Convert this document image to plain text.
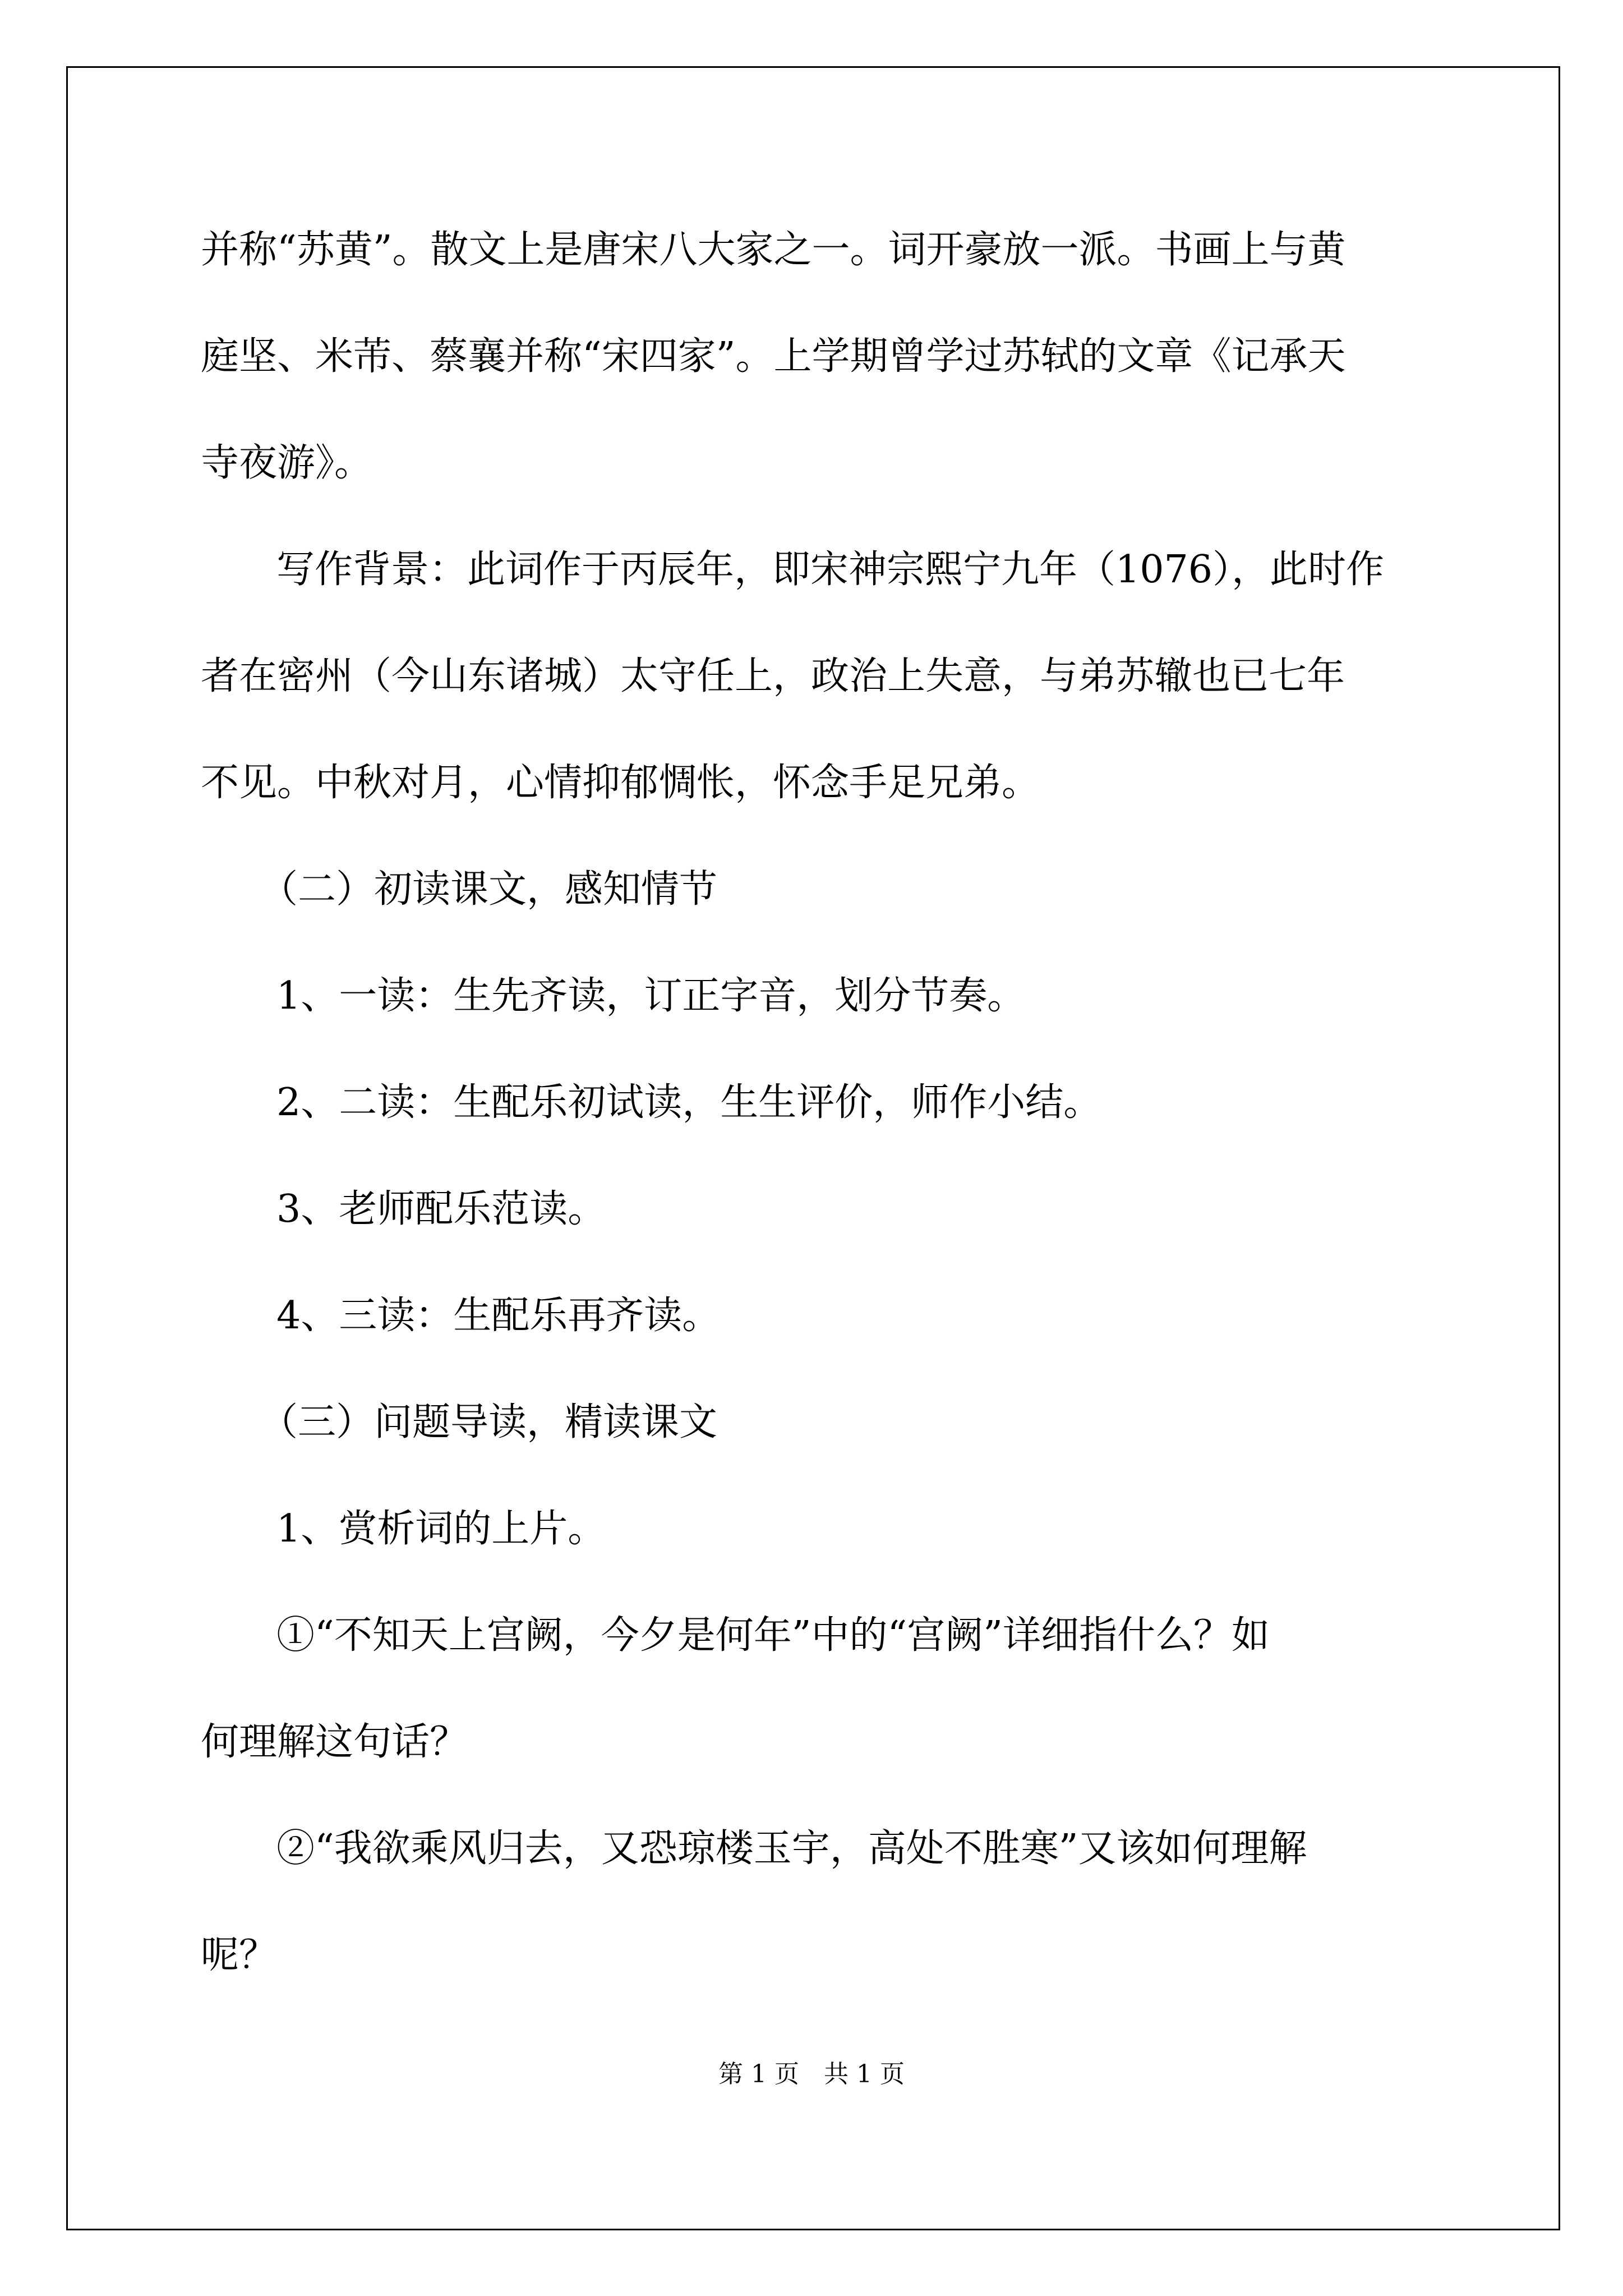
并称“苏黄”。散文上是唐宋八大家之一。词开豪放一派。书画上与黄

庭坚、米芾、蔡襄并称“宋四家”。上学期曾学过苏轼的文章《记承天

寺夜游》。

写作背景：此词作于丙辰年，即宋神宗熙宁九年（1076），此时作

者在密州（今山东诸城）太守任上，政治上失意，与弟苏辙也已七年

不见。中秋对月，心情抑郁惆怅，怀念手足兄弟。

（二）初读课文，感知情节

1、一读：生先齐读，订正字音，划分节奏。

2、二读：生配乐初试读，生生评价，师作小结。

3、老师配乐范读。

4、三读：生配乐再齐读。

（三）问题导读，精读课文

1、赏析词的上片。

①“不知天上宫阙，今夕是何年”中的“宫阙”详细指什么？如

何理解这句话？

②“我欲乘风归去，又恐琼楼玉宇，高处不胜寒”又该如何理解

呢？

第 1 页　共 1 页
